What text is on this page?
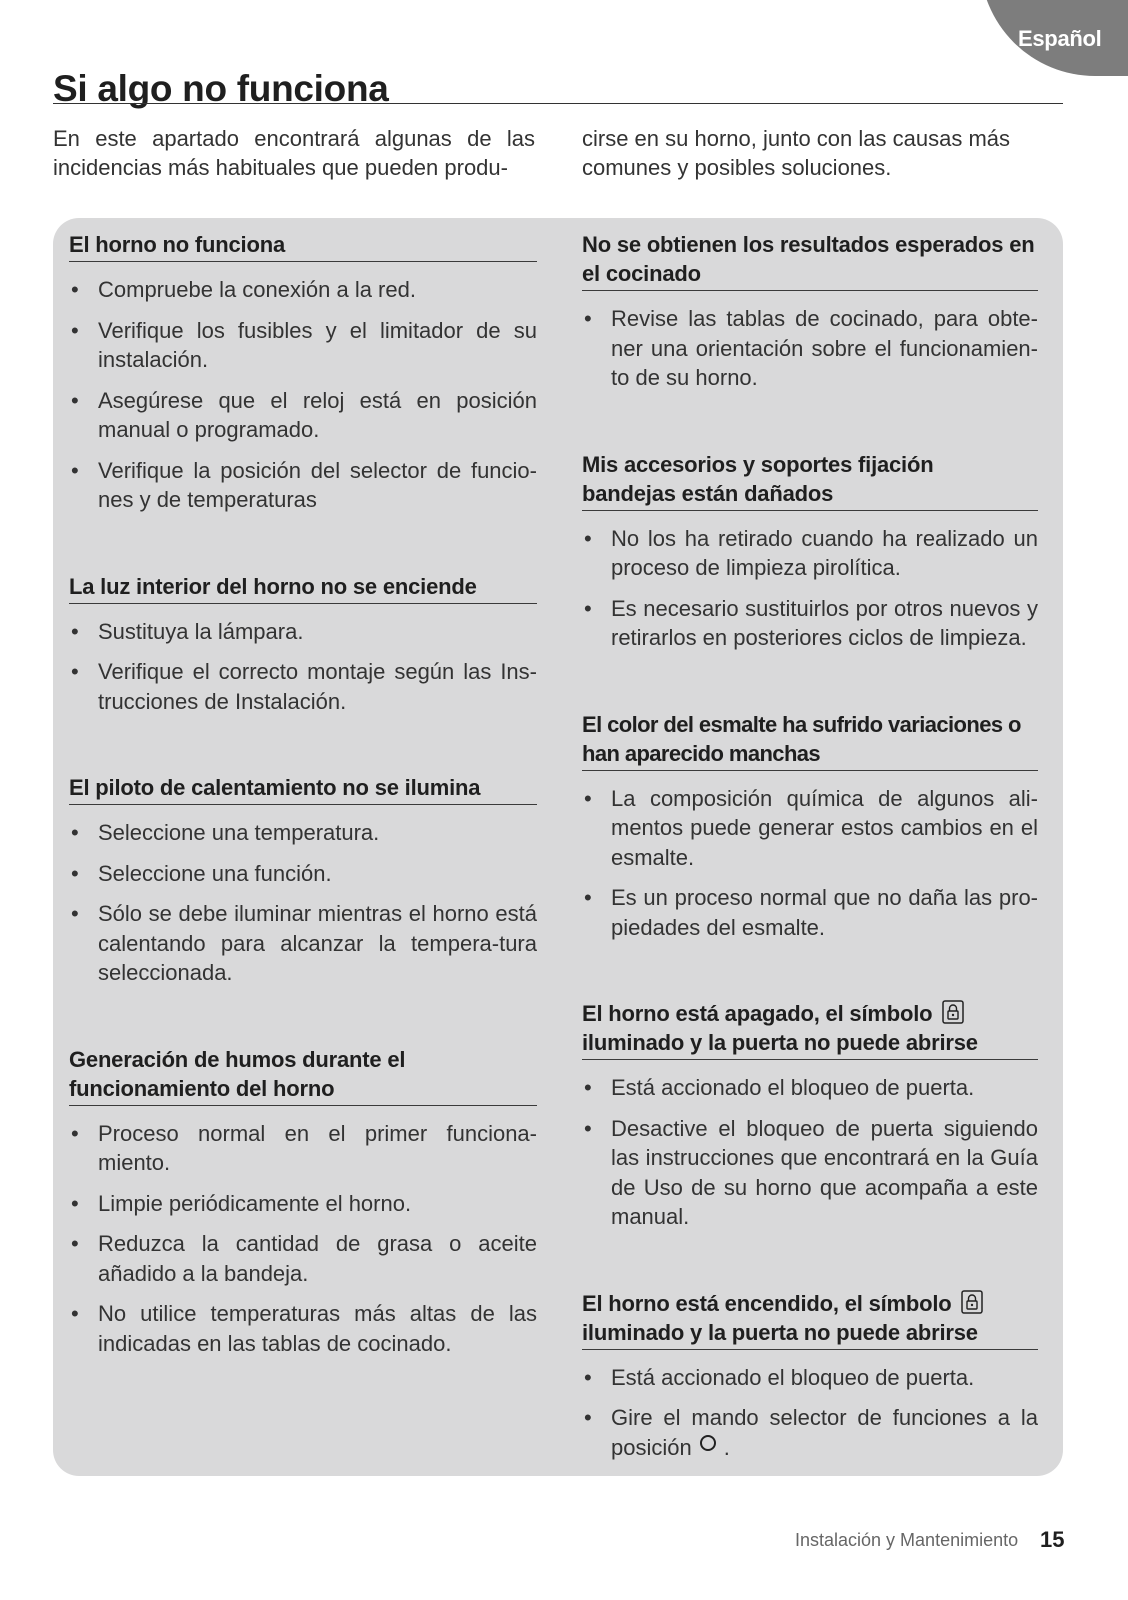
Español
Si algo no funciona

En este apartado encontrará algunas de las incidencias más habituales que pueden produ-

cirse en su horno, junto con las causas más
comunes y posibles soluciones.

El horno no funciona
• Compruebe la conexión a la red.
• Verifique los fusibles y el limitador de su instalación.
• Asegúrese que el reloj está en posición manual o programado.
• Verifique la posición del selector de funcio-nes y de temperaturas
La luz interior del horno no se enciende
• Sustituya la lámpara.
• Verifique el correcto montaje según las Ins-trucciones de Instalación.
El piloto de calentamiento no se ilumina
• Seleccione una temperatura.
• Seleccione una función.
• Sólo se debe iluminar mientras el horno está calentando para alcanzar la tempera-tura seleccionada.
Generación de humos durante el funcionamiento del horno
• Proceso normal en el primer funciona-miento.
• Limpie periódicamente el horno.
• Reduzca la cantidad de grasa o aceite añadido a la bandeja.
• No utilice temperaturas más altas de las indicadas en las tablas de cocinado.
No se obtienen los resultados esperados en el cocinado
• Revise las tablas de cocinado, para obte-ner una orientación sobre el funcionamien-to de su horno.
Mis accesorios y soportes fijación bandejas están dañados
• No los ha retirado cuando ha realizado un proceso de limpieza pirolítica.
• Es necesario sustituirlos por otros nuevos y retirarlos en posteriores ciclos de limpieza.
El color del esmalte ha sufrido variaciones o han aparecido manchas
• La composición química de algunos ali-mentos puede generar estos cambios en el esmalte.
• Es un proceso normal que no daña las pro-piedades del esmalte.
El horno está apagado, el símbolo
iluminado y la puerta no puede abrirse
• Está accionado el bloqueo de puerta.
• Desactive el bloqueo de puerta siguiendo las instrucciones que encontrará en la Guía de Uso de su horno que acompaña a este manual.
El horno está encendido, el símbolo
iluminado y la puerta no puede abrirse
• Está accionado el bloqueo de puerta.
• Gire el mando selector de funciones a la posición .
Instalación y Mantenimiento 15
